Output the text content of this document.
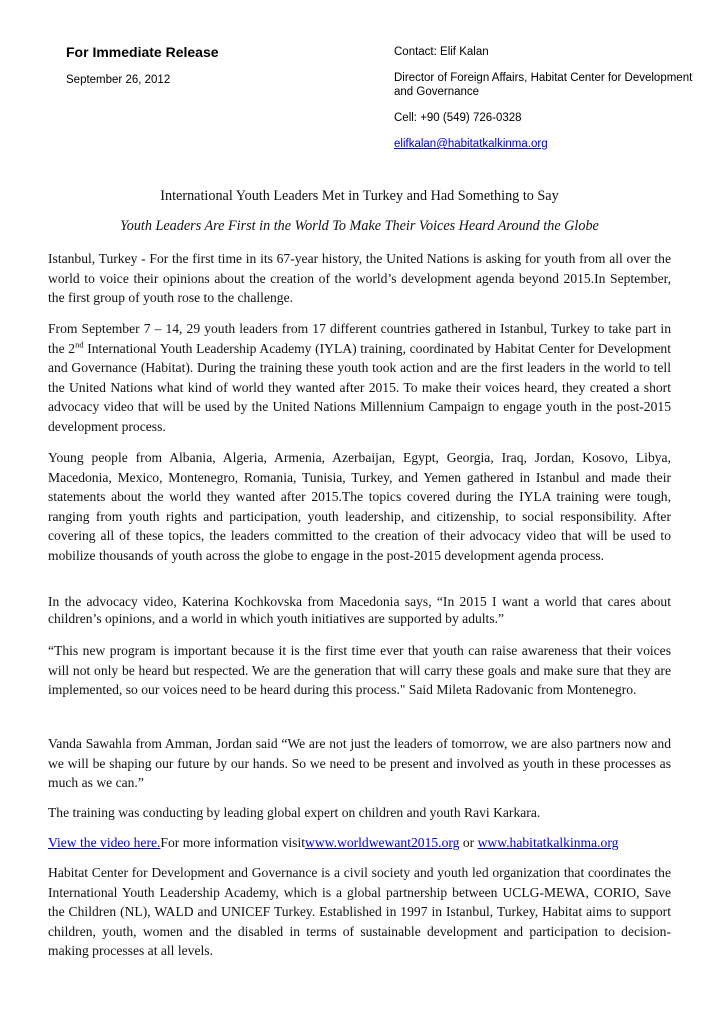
For Immediate Release
September 26, 2012
Contact: Elif Kalan
Director of Foreign Affairs, Habitat Center for Development and Governance
Cell: +90 (549) 726-0328
elifkalan@habitatkalkinma.org
International Youth Leaders Met in Turkey and Had Something to Say
Youth Leaders Are First in the World To Make Their Voices Heard Around the Globe
Istanbul, Turkey - For the first time in its 67-year history, the United Nations is asking for youth from all over the world to voice their opinions about the creation of the world’s development agenda beyond 2015.In September, the first group of youth rose to the challenge.
From September 7 – 14, 29 youth leaders from 17 different countries gathered in Istanbul, Turkey to take part in the 2nd International Youth Leadership Academy (IYLA) training, coordinated by Habitat Center for Development and Governance (Habitat). During the training these youth took action and are the first leaders in the world to tell the United Nations what kind of world they wanted after 2015. To make their voices heard, they created a short advocacy video that will be used by the United Nations Millennium Campaign to engage youth in the post-2015 development process.
Young people from Albania, Algeria, Armenia, Azerbaijan, Egypt, Georgia, Iraq, Jordan, Kosovo, Libya, Macedonia, Mexico, Montenegro, Romania, Tunisia, Turkey, and Yemen gathered in Istanbul and made their statements about the world they wanted after 2015.The topics covered during the IYLA training were tough, ranging from youth rights and participation, youth leadership, and citizenship, to social responsibility. After covering all of these topics, the leaders committed to the creation of their advocacy video that will be used to mobilize thousands of youth across the globe to engage in the post-2015 development agenda process.
In the advocacy video, Katerina Kochkovska from Macedonia says, “In 2015 I want a world that cares about children’s opinions, and a world in which youth initiatives are supported by adults.”
“This new program is important because it is the first time ever that youth can raise awareness that their voices will not only be heard but respected. We are the generation that will carry these goals and make sure that they are implemented, so our voices need to be heard during this process." Said Mileta Radovanic from Montenegro.
Vanda Sawahla from Amman, Jordan said “We are not just the leaders of tomorrow, we are also partners now and we will be shaping our future by our hands. So we need to be present and involved as youth in these processes as much as we can.”
The training was conducting by leading global expert on children and youth Ravi Karkara.
View the video here.For more information visitwww.worldwewant2015.org or www.habitatkalkinma.org
Habitat Center for Development and Governance is a civil society and youth led organization that coordinates the International Youth Leadership Academy, which is a global partnership between UCLG-MEWA, CORIO, Save the Children (NL), WALD and UNICEF Turkey. Established in 1997 in Istanbul, Turkey, Habitat aims to support children, youth, women and the disabled in terms of sustainable development and participation to decision-making processes at all levels.
